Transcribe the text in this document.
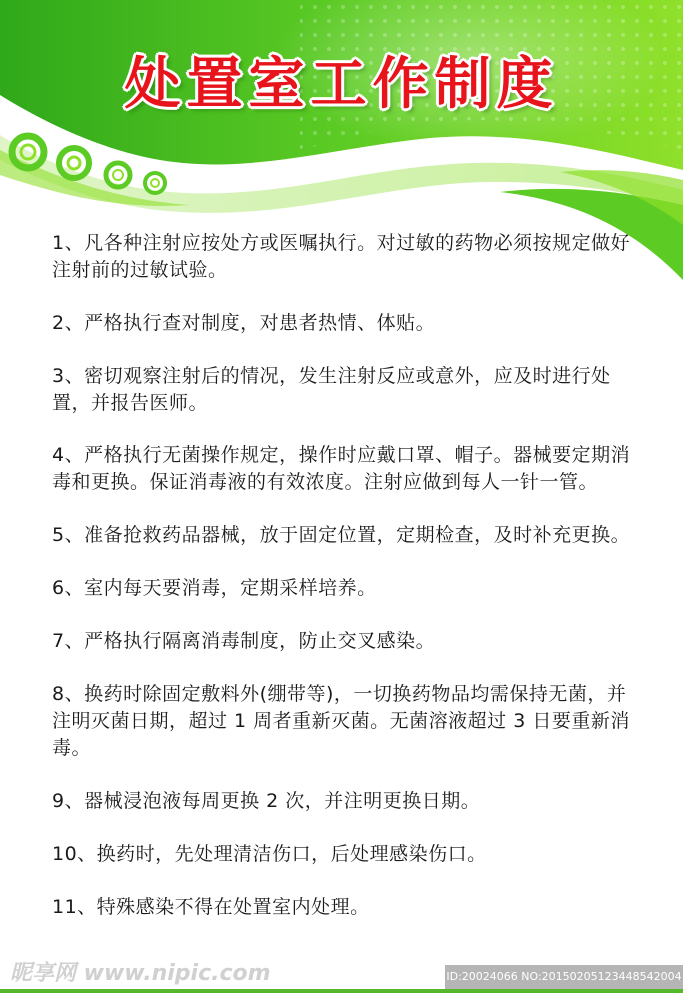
处置室工作制度
1、凡各种注射应按处方或医嘱执行。对过敏的药物必须按规定做好注射前的过敏试验。
2、严格执行查对制度，对患者热情、体贴。
3、密切观察注射后的情况，发生注射反应或意外，应及时进行处置，并报告医师。
4、严格执行无菌操作规定，操作时应戴口罩、帽子。器械要定期消毒和更换。保证消毒液的有效浓度。注射应做到每人一针一管。
5、准备抢救药品器械，放于固定位置，定期检查，及时补充更换。
6、室内每天要消毒，定期采样培养。
7、严格执行隔离消毒制度，防止交叉感染。
8、换药时除固定敷料外(绷带等)，一切换药物品均需保持无菌，并注明灭菌日期，超过 1 周者重新灭菌。无菌溶液超过 3 日要重新消毒。
9、器械浸泡液每周更换 2 次，并注明更换日期。
10、换药时，先处理清洁伤口，后处理感染伤口。
11、特殊感染不得在处置室内处理。
昵享网 www.nipic.com	ID:20024066 NO:20150205123448542004
